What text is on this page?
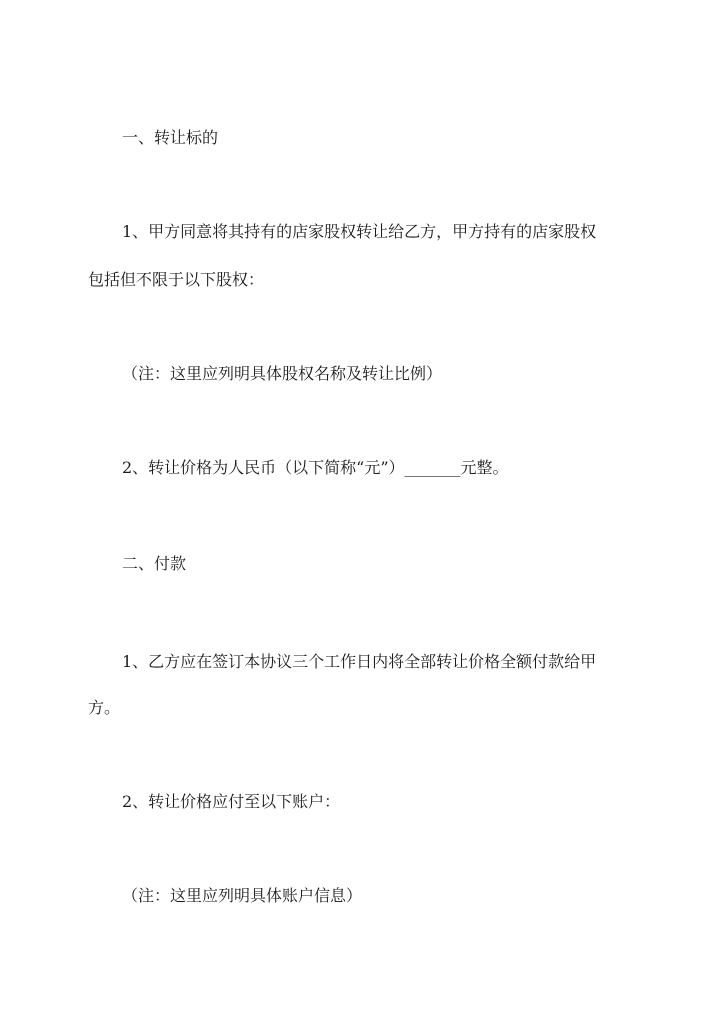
一、转让标的
1、甲方同意将其持有的店家股权转让给乙方，甲方持有的店家股权
包括但不限于以下股权：
（注：这里应列明具体股权名称及转让比例）
2、转让价格为人民币（以下简称“元”）_______元整。
二、付款
1、乙方应在签订本协议三个工作日内将全部转让价格全额付款给甲
方。
2、转让价格应付至以下账户：
（注：这里应列明具体账户信息）
